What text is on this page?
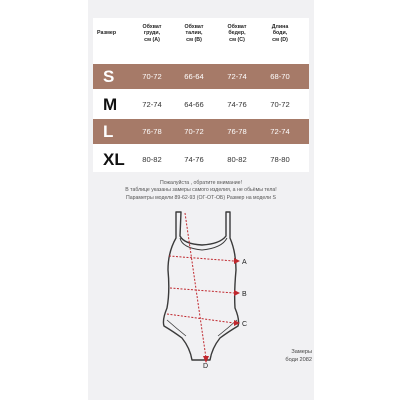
Размер
Обхват
груди,
см (А)
Обхват
талии,
см (B)
Обхват
бедер,
см (С)
Длина
боди,
см (D)
S	70-72	66-64	72-74	68-70
M	72-74	64-66	74-76	70-72
L	76-78	70-72	76-78	72-74
XL	80-82	74-76	80-82	78-80
Пожалуйста , обратите внимание!
В таблице указаны замеры самого изделия, а не обьёмы тела!
Параметры модели 89-62-93 (ОГ-ОТ-ОБ) Размер на модели S
A
B
C
D
Замеры
боди 2082
